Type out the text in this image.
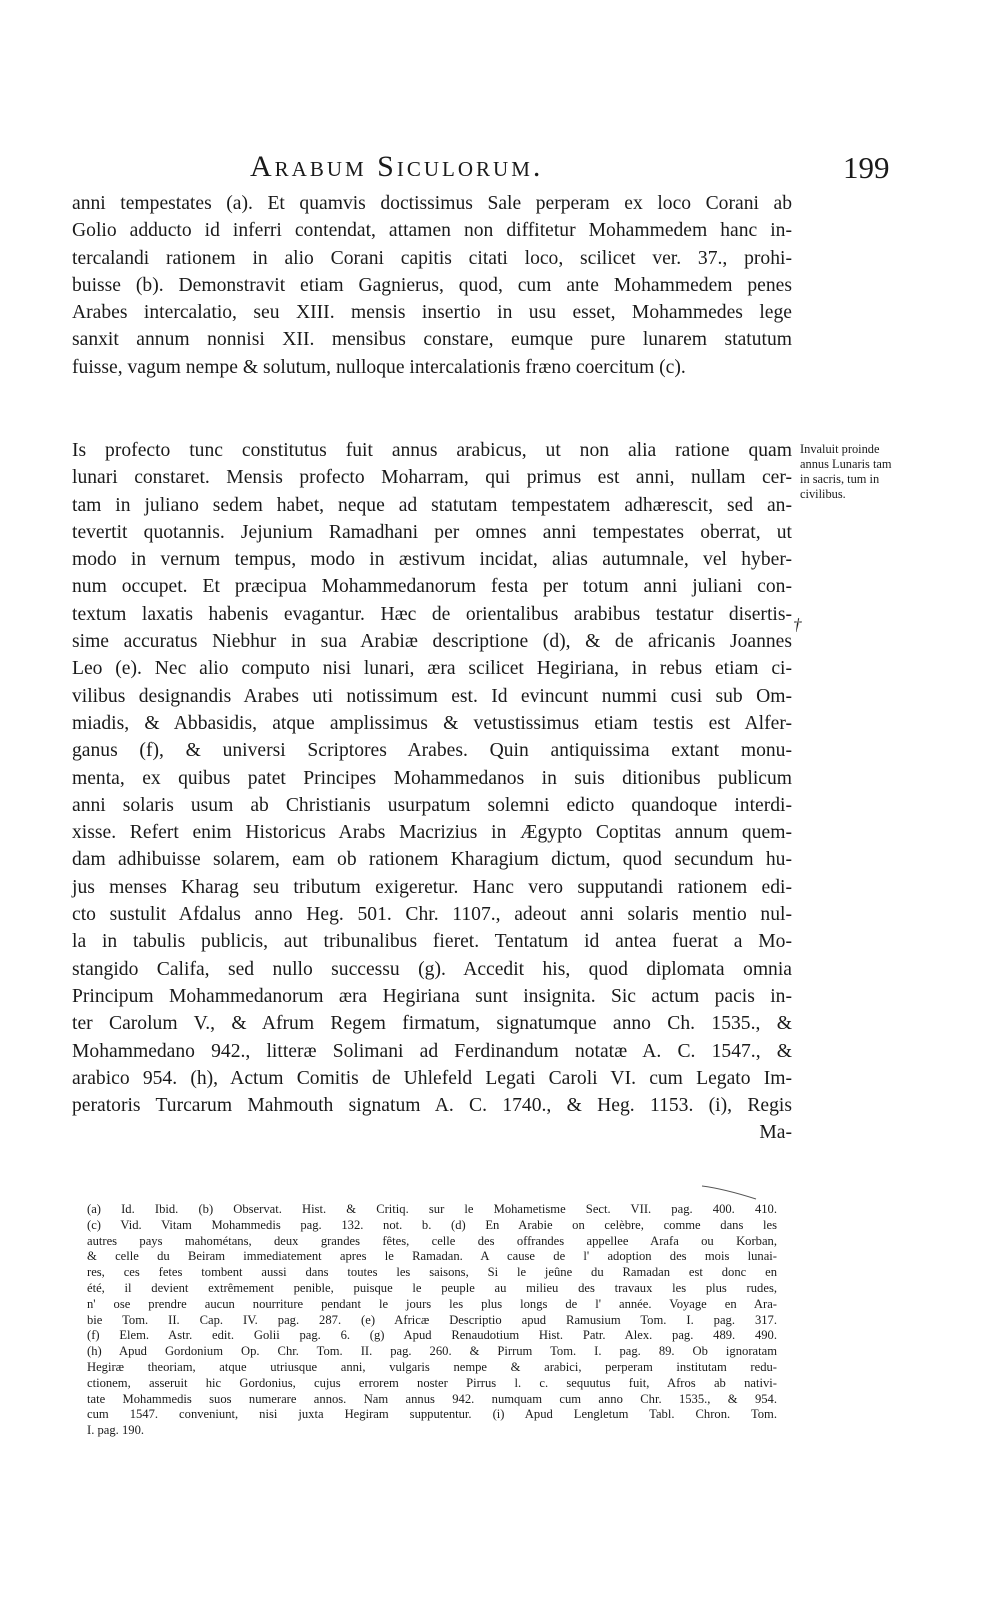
Arabum Siculorum.	199
anni tempestates (a). Et quamvis doctissimus Sale perperam ex loco Corani ab
Golio adducto id inferri contendat, attamen non diffitetur Mohammedem hanc in-
tercalandi rationem in alio Corani capitis citati loco, scilicet ver. 37., prohi-
buisse (b). Demonstravit etiam Gagnierus, quod, cum ante Mohammedem penes
Arabes intercalatio, seu XIII. mensis insertio in usu esset, Mohammedes lege
sanxit annum nonnisi XII. mensibus constare, eumque pure lunarem statutum
fuisse, vagum nempe & solutum, nulloque intercalationis fræno coercitum (c).
Is profecto tunc constitutus fuit annus arabicus, ut non alia ratione quam
lunari constaret. Mensis profecto Moharram, qui primus est anni, nullam cer-
tam in juliano sedem habet, neque ad statutam tempestatem adhærescit, sed an-
tevertit quotannis. Jejunium Ramadhani per omnes anni tempestates oberrat, ut
modo in vernum tempus, modo in æstivum incidat, alias autumnale, vel hyber-
num occupet. Et præcipua Mohammedanorum festa per totum anni juliani con-
textum laxatis habenis evagantur. Hæc de orientalibus arabibus testatur disertis-
sime accuratus Niebhur in sua Arabiæ descriptione (d), & de africanis Joannes
Leo (e). Nec alio computo nisi lunari, æra scilicet Hegiriana, in rebus etiam ci-
vilibus designandis Arabes uti notissimum est. Id evincunt nummi cusi sub Om-
miadis, & Abbasidis, atque amplissimus & vetustissimus etiam testis est Alfer-
ganus (f), & universi Scriptores Arabes. Quin antiquissima extant monu-
menta, ex quibus patet Principes Mohammedanos in suis ditionibus publicum
anni solaris usum ab Christianis usurpatum solemni edicto quandoque interdi-
xisse. Refert enim Historicus Arabs Macrizius in Ægypto Coptitas annum quem-
dam adhibuisse solarem, eam ob rationem Kharagium dictum, quod secundum hu-
jus menses Kharag seu tributum exigeretur. Hanc vero supputandi rationem edi-
cto sustulit Afdalus anno Heg. 501. Chr. 1107., adeout anni solaris mentio nul-
la in tabulis publicis, aut tribunalibus fieret. Tentatum id antea fuerat a Mo-
stangido Califa, sed nullo successu (g). Accedit his, quod diplomata omnia
Principum Mohammedanorum æra Hegiriana sunt insignita. Sic actum pacis in-
ter Carolum V., & Afrum Regem firmatum, signatumque anno Ch. 1535., &
Mohammedano 942., litteræ Solimani ad Ferdinandum notatæ A. C. 1547., &
arabico 954. (h), Actum Comitis de Uhlefeld Legati Caroli VI. cum Legato Im-
peratoris Turcarum Mahmouth signatum A. C. 1740., & Heg. 1153. (i), Regis
Ma-
Invaluit proinde
annus Lunaris tam
in sacris, tum in
civilibus.
†
(a) Id. Ibid. (b) Observat. Hist. & Critiq. sur le Mohametisme Sect. VII. pag. 400. 410.
(c) Vid. Vitam Mohammedis pag. 132. not. b. (d) En Arabie on celèbre, comme dans les
autres pays mahométans, deux grandes fêtes, celle des offrandes appellee Arafa ou Korban,
& celle du Beiram immediatement apres le Ramadan. A cause de l' adoption des mois lunai-
res, ces fetes tombent aussi dans toutes les saisons, Si le jeûne du Ramadan est donc en
été, il devient extrêmement penible, puisque le peuple au milieu des travaux les plus rudes,
n' ose prendre aucun nourriture pendant le jours les plus longs de l' année. Voyage en Ara-
bie Tom. II. Cap. IV. pag. 287. (e) Africæ Descriptio apud Ramusium Tom. I. pag. 317.
(f) Elem. Astr. edit. Golii pag. 6. (g) Apud Renaudotium Hist. Patr. Alex. pag. 489. 490.
(h) Apud Gordonium Op. Chr. Tom. II. pag. 260. & Pirrum Tom. I. pag. 89. Ob ignoratam
Hegiræ theoriam, atque utriusque anni, vulgaris nempe & arabici, perperam institutam redu-
ctionem, asseruit hic Gordonius, cujus errorem noster Pirrus l. c. sequutus fuit, Afros ab nativi-
tate Mohammedis suos numerare annos. Nam annus 942. numquam cum anno Chr. 1535., & 954.
cum 1547. conveniunt, nisi juxta Hegiram supputentur. (i) Apud Lengletum Tabl. Chron. Tom.
I. pag. 190.
